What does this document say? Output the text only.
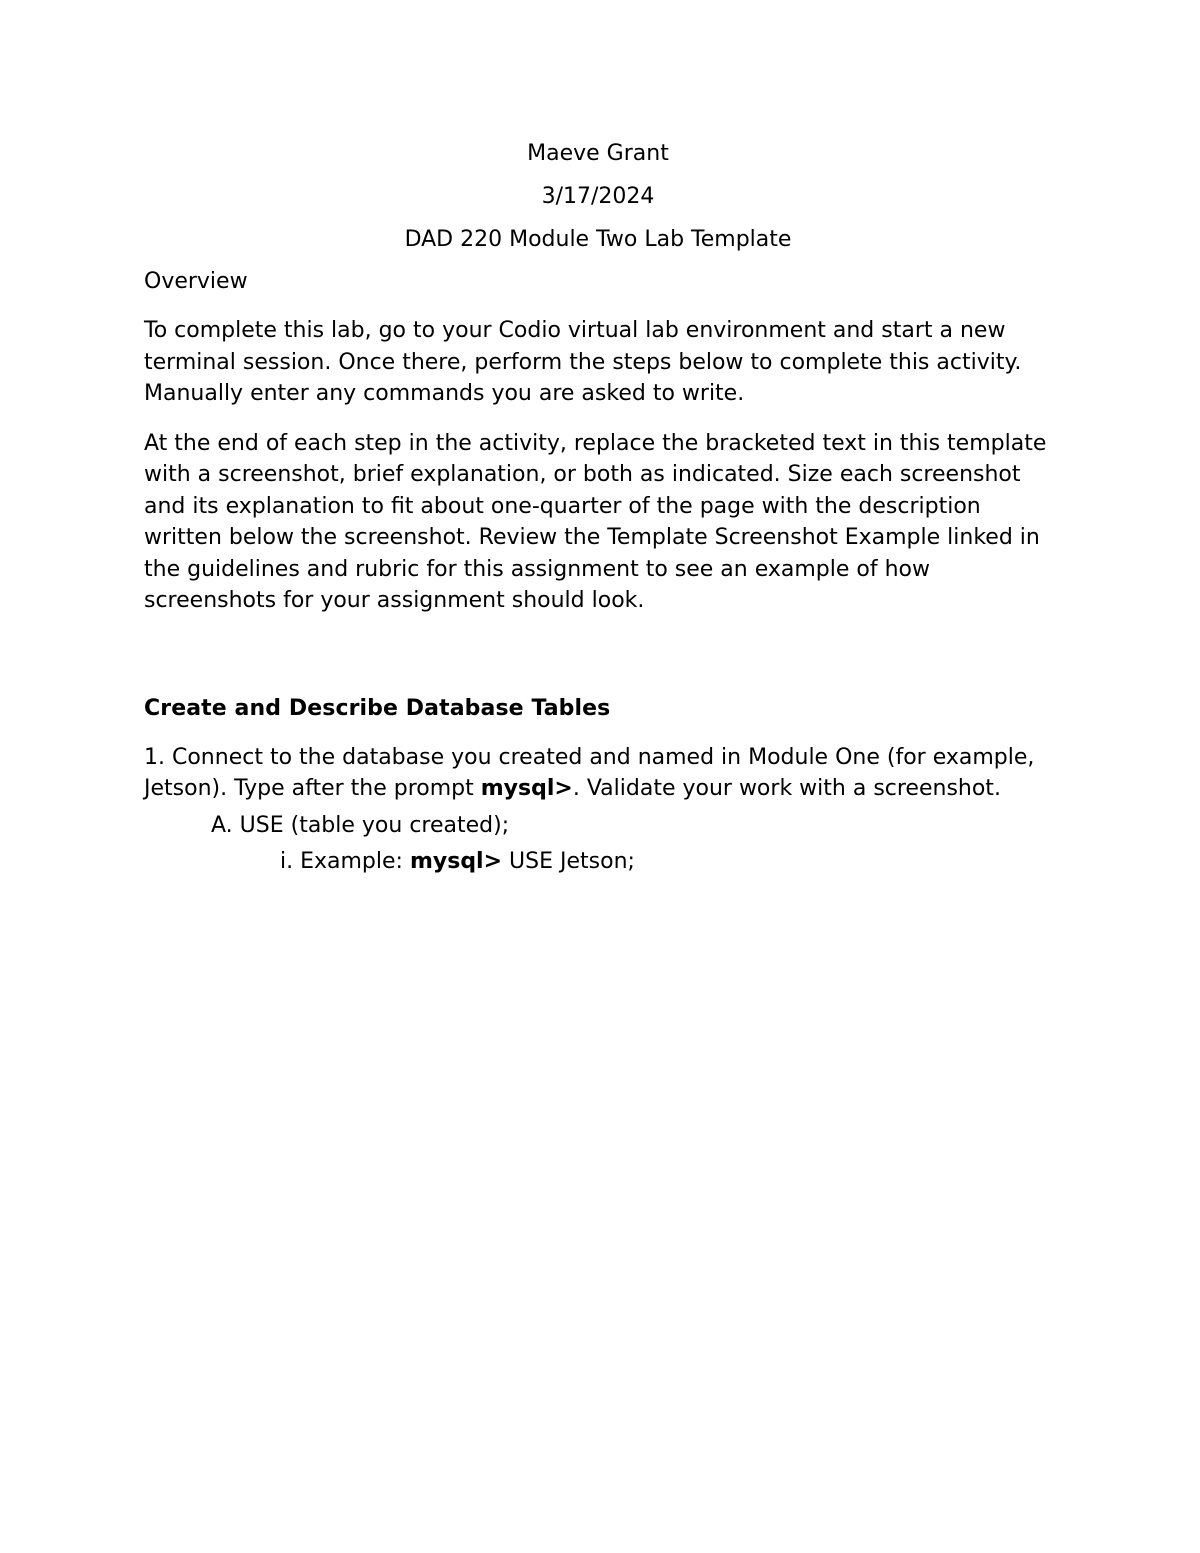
Maeve Grant
3/17/2024
DAD 220 Module Two Lab Template
Overview

To complete this lab, go to your Codio virtual lab environment and start a new terminal session. Once there, perform the steps below to complete this activity. Manually enter any commands you are asked to write.

At the end of each step in the activity, replace the bracketed text in this template with a screenshot, brief explanation, or both as indicated. Size each screenshot and its explanation to fit about one-quarter of the page with the description written below the screenshot. Review the Template Screenshot Example linked in the guidelines and rubric for this assignment to see an example of how screenshots for your assignment should look.

Create and Describe Database Tables

1. Connect to the database you created and named in Module One (for example, Jetson). Type after the prompt mysql>. Validate your work with a screenshot.

A. USE (table you created);

i. Example: mysql> USE Jetson;
